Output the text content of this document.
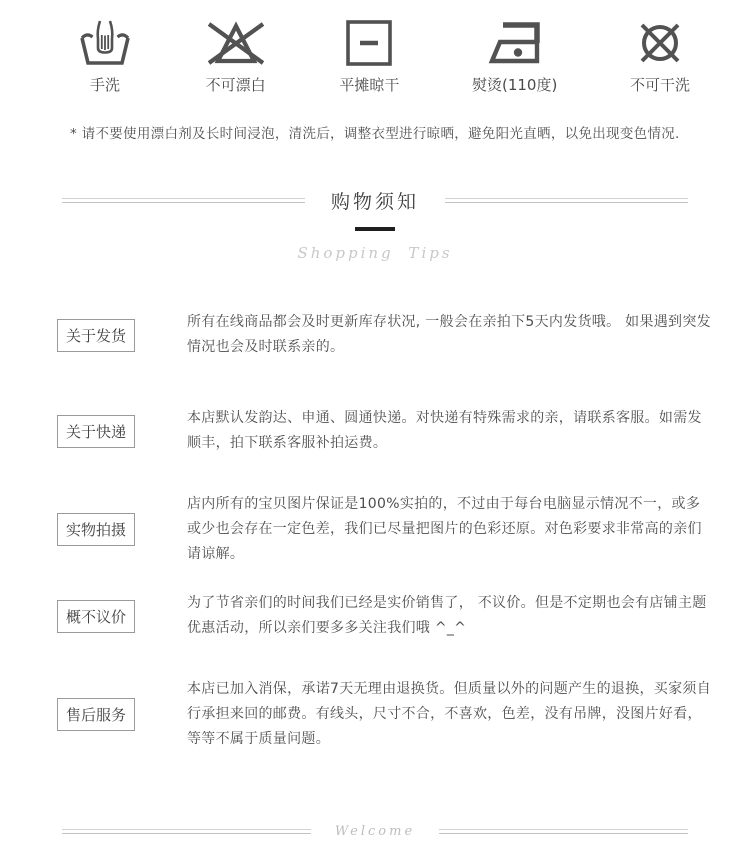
手洗	不可漂白	平摊晾干	熨烫(110度)	不可干洗
* 请不要使用漂白剂及长时间浸泡，清洗后，调整衣型进行晾晒，避免阳光直晒，以免出现变色情况.
购物须知
Shopping Tips
关于发货
所有在线商品都会及时更新库存状况, 一般会在亲拍下5天内发货哦。 如果遇到突发情况也会及时联系亲的。
关于快递
本店默认发韵达、申通、圆通快递。对快递有特殊需求的亲，请联系客服。如需发顺丰，拍下联系客服补拍运费。
实物拍摄
店内所有的宝贝图片保证是100%实拍的，不过由于每台电脑显示情况不一，或多或少也会存在一定色差，我们已尽量把图片的色彩还原。对色彩要求非常高的亲们请谅解。
概不议价
为了节省亲们的时间我们已经是实价销售了， 不议价。但是不定期也会有店铺主题优惠活动，所以亲们要多多关注我们哦 ^_^
售后服务
本店已加入消保，承诺7天无理由退换货。但质量以外的问题产生的退换，买家须自行承担来回的邮费。有线头，尺寸不合，不喜欢，色差，没有吊牌，没图片好看，等等不属于质量问题。
Welcome
